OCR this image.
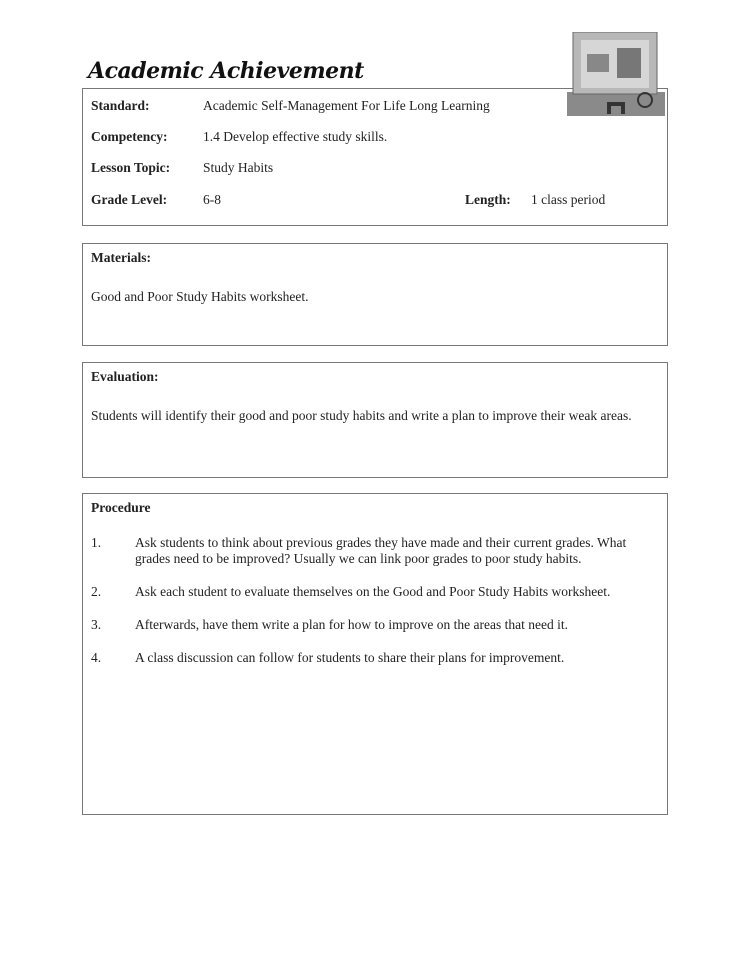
Academic Achievement
Standard:	Academic Self-Management For Life Long Learning
Competency:	1.4 Develop effective study skills.
Lesson Topic: Study Habits
Grade Level:	6-8	Length: 1 class period
Materials:
Good and Poor Study Habits worksheet.
Evaluation:
Students will identify their good and poor study habits and write a plan to improve their weak areas.
Procedure
1.	Ask students to think about previous grades they have made and their current grades. What grades need to be improved? Usually we can link poor grades to poor study habits.
2.	Ask each student to evaluate themselves on the Good and Poor Study Habits worksheet.
3.	Afterwards, have them write a plan for how to improve on the areas that need it.
4.	A class discussion can follow for students to share their plans for improvement.
